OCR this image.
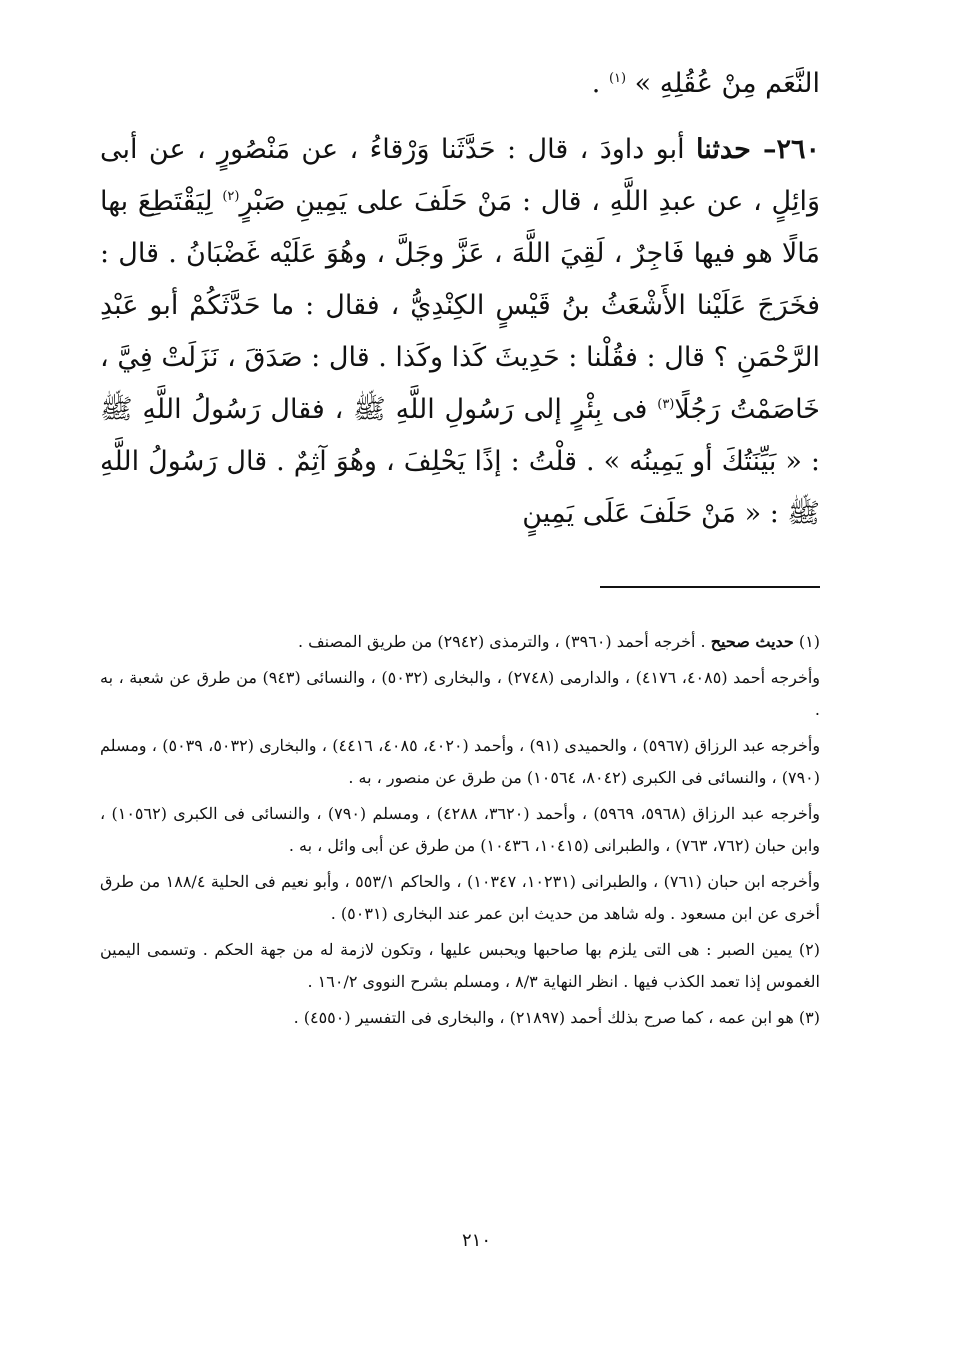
النَّعَم مِنْ عُقُلِهِ » $^{(١)}$ .

٢٦٠– حدثنا أبو داودَ ، قال : حَدَّثَنا وَرْقاءُ ، عن مَنْصُورٍ ، عن أبى وَائِلٍ ، عن عبدِ اللَّهِ ، قال : مَنْ حَلَفَ على يَمِينِ صَبْرٍ$^{(٢)}$ لِيَقْتَطِعَ بها مَالًا هو فيها فَاجِرٌ ، لَقِيَ اللَّهَ ، عَزَّ وجَلَّ ، وهُوَ عَلَيْه غَضْبَانُ . قال : فخَرَجَ عَلَيْنا الأَشْعَثُ بنُ قَيْسٍ الكِنْدِيُّ ، فقال : ما حَدَّثَكُمْ أبو عَبْدِ الرَّحْمَنِ ؟ قال : فقُلْنا : حَدِيثَ كَذا وكَذا . قال : صَدَقَ ، نَزَلَتْ فِيَّ ، خَاصَمْتُ رَجُلًا$^{(٣)}$ فى بِئْرٍ إلى رَسُولِ اللَّهِ ﷺ ، فقال رَسُولُ اللَّهِ ﷺ : « بَيِّنَتُكَ أو يَمِينُه » . قلْتُ : إذًا يَحْلِفَ ، وهُوَ آثِمٌ . قال رَسُولُ اللَّهِ ﷺ : « مَنْ حَلَفَ عَلَى يَمِينٍ

(١) حديث صحيح . أخرجه أحمد (٣٩٦٠) ، والترمذى (٢٩٤٢) من طريق المصنف .

وأخرجه أحمد (٤٠٨٥، ٤١٧٦) ، والدارمى (٢٧٤٨) ، والبخارى (٥٠٣٢) ، والنسائى (٩٤٣) من طرق عن شعبة ، به .

وأخرجه عبد الرزاق (٥٩٦٧) ، والحميدى (٩١) ، وأحمد (٤٠٢٠، ٤٠٨٥، ٤٤١٦) ، والبخارى (٥٠٣٢، ٥٠٣٩) ، ومسلم (٧٩٠) ، والنسائى فى الكبرى (٨٠٤٢، ١٠٥٦٤) من طرق عن منصور ، به .

وأخرجه عبد الرزاق (٥٩٦٨، ٥٩٦٩) ، وأحمد (٣٦٢٠، ٤٢٨٨) ، ومسلم (٧٩٠) ، والنسائى فى الكبرى (١٠٥٦٢) ، وابن حبان (٧٦٢، ٧٦٣) ، والطبرانى (١٠٤١٥، ١٠٤٣٦) من طرق عن أبى وائل ، به .

وأخرجه ابن حبان (٧٦١) ، والطبرانى (١٠٢٣١، ١٠٣٤٧) ، والحاكم ٥٥٣/١ ، وأبو نعيم فى الحلية ١٨٨/٤ من طرق أخرى عن ابن مسعود . وله شاهد من حديث ابن عمر عند البخارى (٥٠٣١) .

(٢) يمين الصبر : هى التى يلزم بها صاحبها ويحبس عليها ، وتكون لازمة له من جهة الحكم . وتسمى اليمين الغموس إذا تعمد الكذب فيها . انظر النهاية ٨/٣ ، ومسلم بشرح النووى ١٦٠/٢ .

(٣) هو ابن عمه ، كما صرح بذلك أحمد (٢١٨٩٧) ، والبخارى فى التفسير (٤٥٥٠) .

٢١٠
